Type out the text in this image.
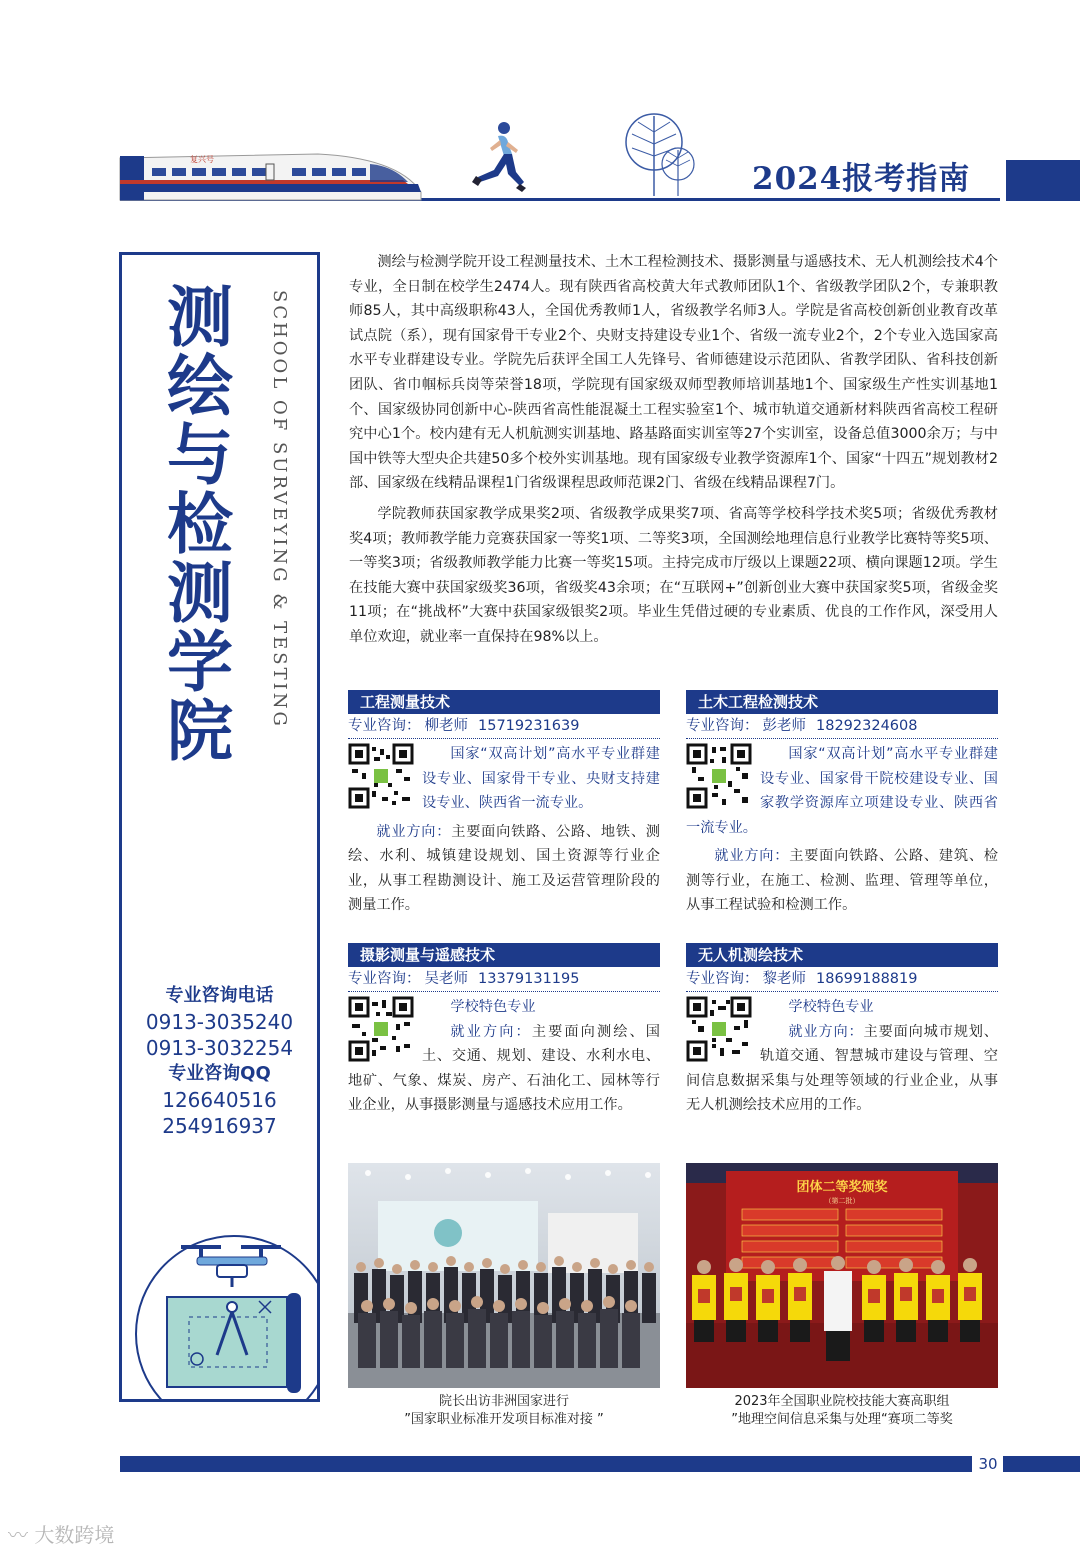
复兴号
2024报考指南
测
绘
与
检
测
学
院
SCHOOL OF SURVEYING & TESTING
专业咨询电话
0913-3035240
0913-3032254
专业咨询QQ
126640516
254916937

测绘与检测学院开设工程测量技术、土木工程检测技术、摄影测量与遥感技术、无人机测绘技术4个专业，全日制在校学生2474人。现有陕西省高校黄大年式教师团队1个、省级教学团队2个，专兼职教师85人，其中高级职称43人，全国优秀教师1人，省级教学名师3人。学院是省高校创新创业教育改革试点院（系），现有国家骨干专业2个、央财支持建设专业1个、省级一流专业2个，2个专业入选国家高水平专业群建设专业。学院先后获评全国工人先锋号、省师德建设示范团队、省教学团队、省科技创新团队、省巾帼标兵岗等荣誉18项，学院现有国家级双师型教师培训基地1个、国家级生产性实训基地1个、国家级协同创新中心-陕西省高性能混凝土工程实验室1个、城市轨道交通新材料陕西省高校工程研究中心1个。校内建有无人机航测实训基地、路基路面实训室等27个实训室，设备总值3000余万；与中国中铁等大型央企共建50多个校外实训基地。现有国家级专业教学资源库1个、国家“十四五”规划教材2部、国家级在线精品课程1门省级课程思政师范课2门、省级在线精品课程7门。

学院教师获国家教学成果奖2项、省级教学成果奖7项、省高等学校科学技术奖5项；省级优秀教材奖4项；教师教学能力竞赛获国家一等奖1项、二等奖3项，全国测绘地理信息行业教学比赛特等奖5项、一等奖3项；省级教师教学能力比赛一等奖15项。主持完成市厅级以上课题22项、横向课题12项。学生在技能大赛中获国家级奖36项，省级奖43余项；在“互联网+”创新创业大赛中获国家奖5项，省级金奖11项；在“挑战杯”大赛中获国家级银奖2项。毕业生凭借过硬的专业素质、优良的工作作风，深受用人单位欢迎，就业率一直保持在98%以上。

工程测量技术
专业咨询： 柳老师 15719231639

国家“双高计划”高水平专业群建设专业、国家骨干专业、央财支持建设专业、陕西省一流专业。

就业方向：主要面向铁路、公路、地铁、测绘、水利、城镇建设规划、国土资源等行业企业，从事工程勘测设计、施工及运营管理阶段的测量工作。

土木工程检测技术
专业咨询： 彭老师 18292324608

国家“双高计划”高水平专业群建设专业、国家骨干院校建设专业、国家教学资源库立项建设专业、陕西省一流专业。

就业方向：主要面向铁路、公路、建筑、检测等行业，在施工、检测、监理、管理等单位，从事工程试验和检测工作。

摄影测量与遥感技术
专业咨询： 吴老师 13379131195

学校特色专业

就业方向：主要面向测绘、国土、交通、规划、建设、水利水电、地矿、气象、煤炭、房产、石油化工、园林等行业企业，从事摄影测量与遥感技术应用工作。

无人机测绘技术
专业咨询： 黎老师 18699188819

学校特色专业

就业方向：主要面向城市规划、轨道交通、智慧城市建设与管理、空间信息数据采集与处理等领域的行业企业，从事无人机测绘技术应用的工作。

院长出访非洲国家进行
”国家职业标准开发项目标准对接 ”
团体二等奖颁奖
（第二批）
2023年全国职业院校技能大赛高职组
”地理空间信息采集与处理“赛项二等奖
30
〰 大数跨境
